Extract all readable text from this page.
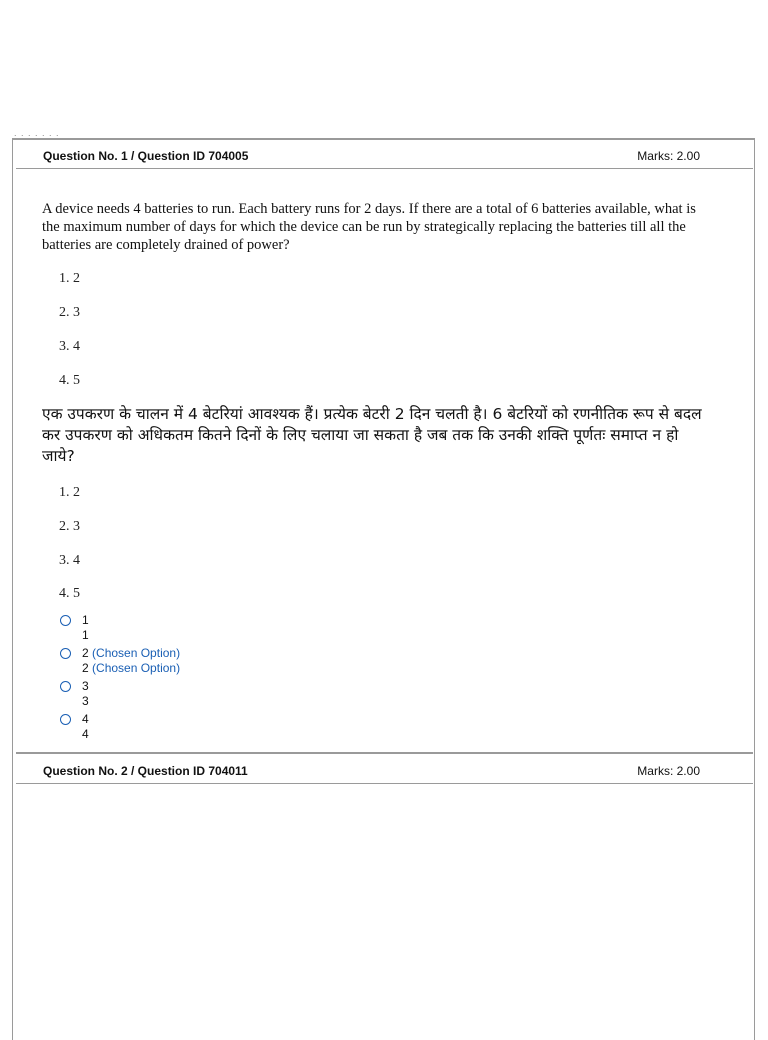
. . . . . . .
Question No. 1 / Question ID 704005	Marks: 2.00
A device needs 4 batteries to run. Each battery runs for 2 days. If there are a total of 6 batteries available, what is the maximum number of days for which the device can be run by strategically replacing the batteries till all the batteries are completely drained of power?
1. 2
2. 3
3. 4
4. 5
एक उपकरण के चालन में 4 बेटरियां आवश्यक हैं। प्रत्येक बेटरी 2 दिन चलती है। 6 बेटरियों को रणनीतिक रूप से बदल कर उपकरण को अधिकतम कितने दिनों के लिए चलाया जा सकता है जब तक कि उनकी शक्ति पूर्णतः समाप्त न हो जाये?
1. 2
2. 3
3. 4
4. 5
1
1
2 (Chosen Option)
2 (Chosen Option)
3
3
4
4
Question No. 2 / Question ID 704011	Marks: 2.00
